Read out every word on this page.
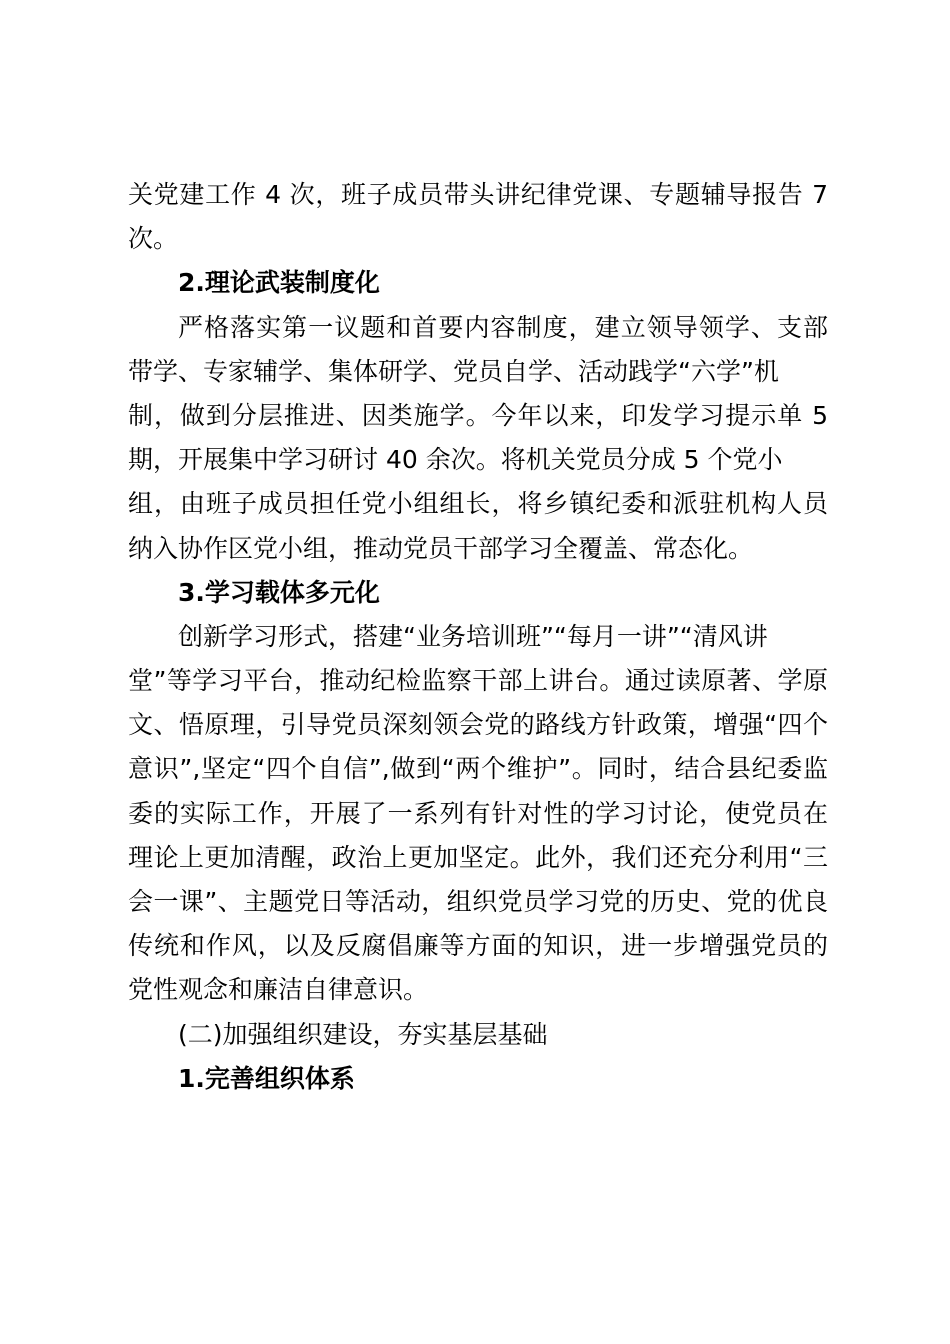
关党建工作 4 次，班子成员带头讲纪律党课、专题辅导报告 7
次。
2.理论武装制度化
严格落实第一议题和首要内容制度，建立领导领学、支部
带学、专家辅学、集体研学、党员自学、活动践学“六学”机
制，做到分层推进、因类施学。今年以来，印发学习提示单 5
期，开展集中学习研讨 40 余次。将机关党员分成 5 个党小
组，由班子成员担任党小组组长，将乡镇纪委和派驻机构人员
纳入协作区党小组，推动党员干部学习全覆盖、常态化。
3.学习载体多元化
创新学习形式，搭建“业务培训班”“每月一讲”“清风讲
堂”等学习平台，推动纪检监察干部上讲台。通过读原著、学原
文、悟原理，引导党员深刻领会党的路线方针政策，增强“四个
意识”,坚定“四个自信”,做到“两个维护”。同时，结合县纪委监
委的实际工作，开展了一系列有针对性的学习讨论，使党员在
理论上更加清醒，政治上更加坚定。此外，我们还充分利用“三
会一课”、主题党日等活动，组织党员学习党的历史、党的优良
传统和作风，以及反腐倡廉等方面的知识，进一步增强党员的
党性观念和廉洁自律意识。
(二)加强组织建设，夯实基层基础
1.完善组织体系
